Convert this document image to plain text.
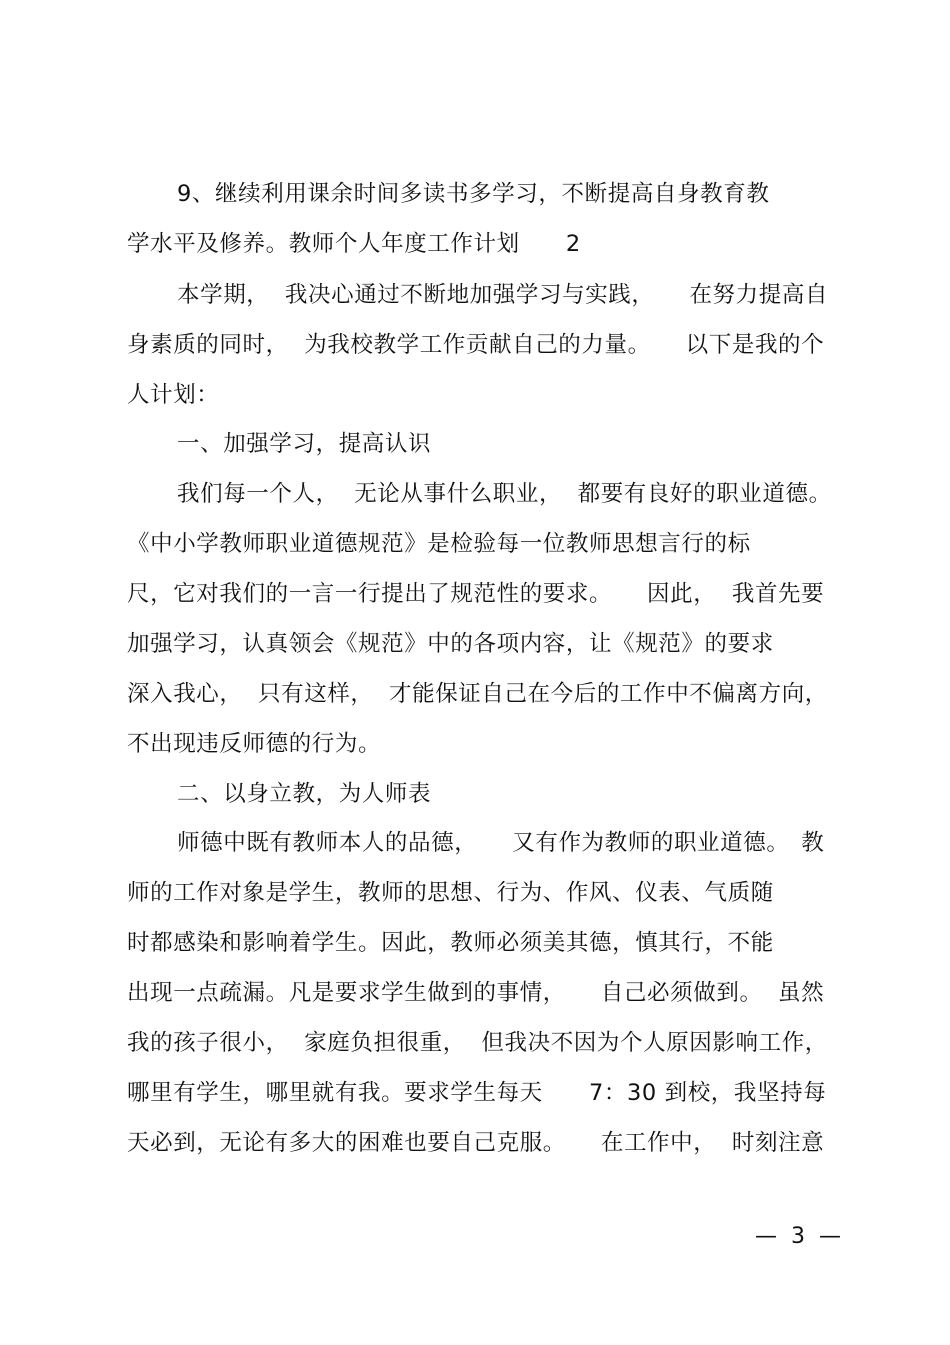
9、继续利用课余时间多读书多学习，不断提高自身教育教
学水平及修养。教师个人年度工作计划　　2
本学期，  我决心通过不断地加强学习与实践，　　在努力提高自
身素质的同时，  为我校教学工作贡献自己的力量。　　以下是我的个
人计划：
一、加强学习，提高认识
我们每一个人，  无论从事什么职业，  都要有良好的职业道德。
《中小学教师职业道德规范》是检验每一位教师思想言行的标
尺，它对我们的一言一行提出了规范性的要求。　　因此，  我首先要
加强学习，认真领会《规范》中的各项内容，让《规范》的要求
深入我心，  只有这样，  才能保证自己在今后的工作中不偏离方向，
不出现违反师德的行为。
二、以身立教，为人师表
师德中既有教师本人的品德，　　又有作为教师的职业道德。　教
师的工作对象是学生，教师的思想、行为、作风、仪表、气质随
时都感染和影响着学生。因此，教师必须美其德，慎其行，不能
出现一点疏漏。凡是要求学生做到的事情，　　自己必须做到。  虽然
我的孩子很小，  家庭负担很重，  但我决不因为个人原因影响工作，
哪里有学生，哪里就有我。要求学生每天　　7：30 到校，我坚持每
天必到，无论有多大的困难也要自己克服。　　在工作中，  时刻注意
—  3  —
